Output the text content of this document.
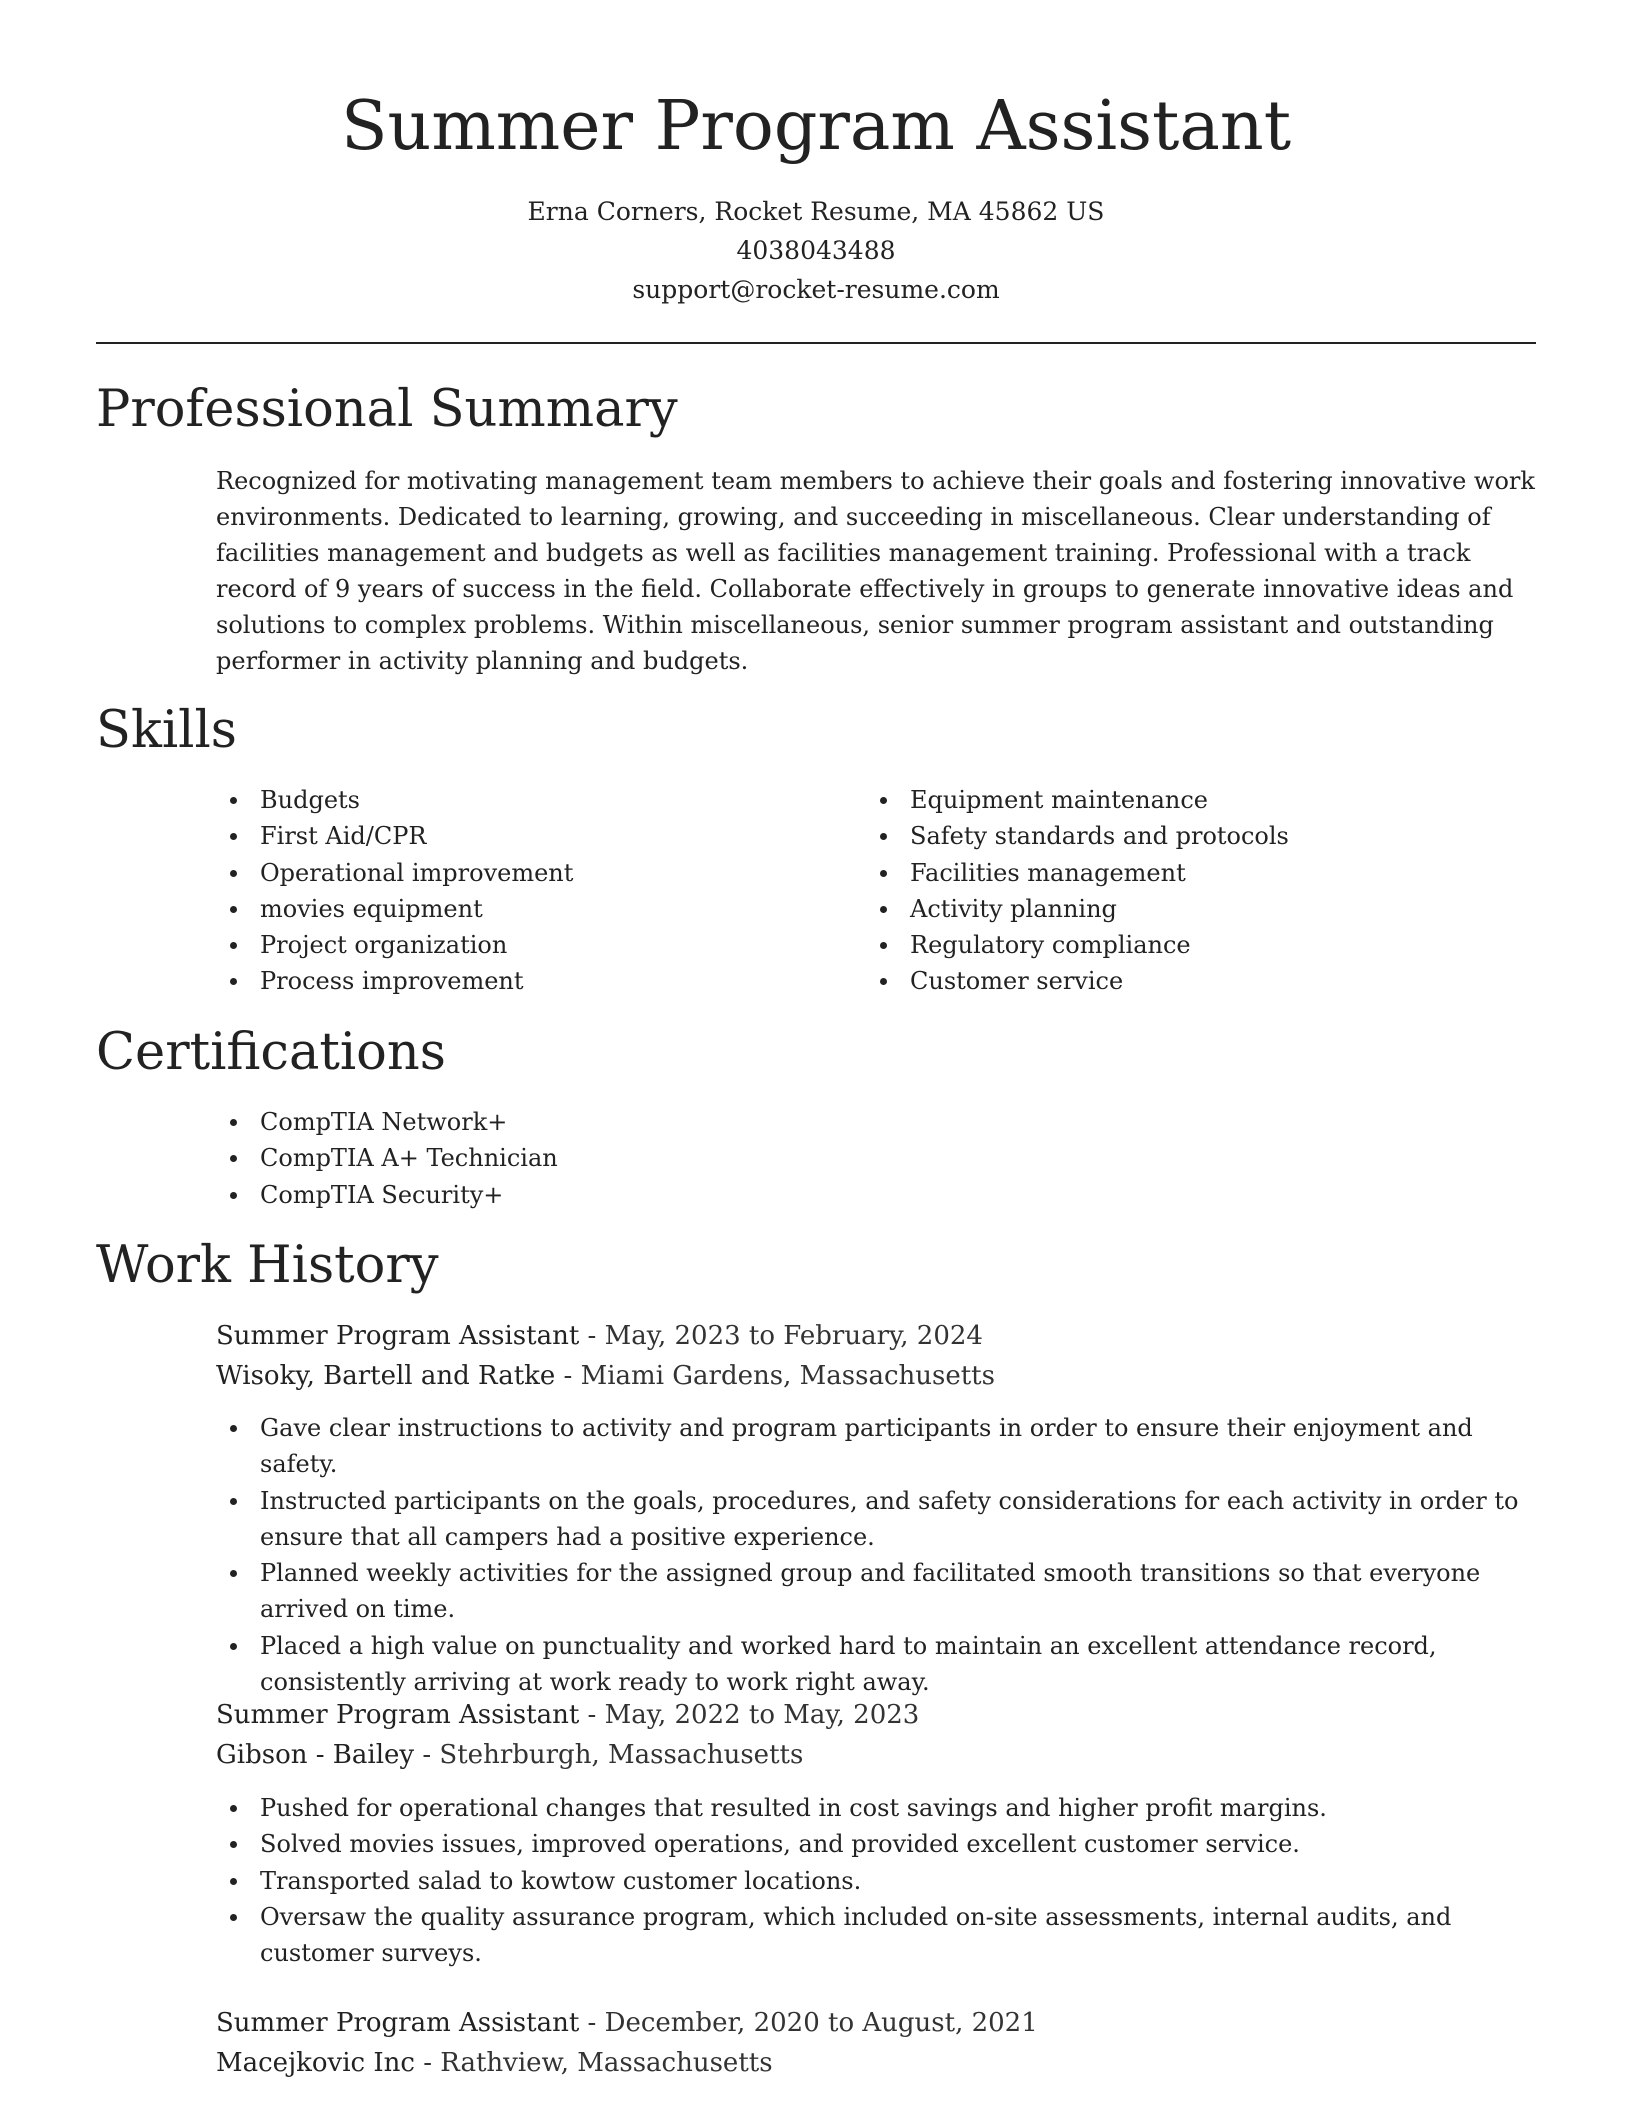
Summer Program Assistant
Erna Corners, Rocket Resume, MA 45862 US
4038043488
support@rocket-resume.com
Professional Summary

Recognized for motivating management team members to achieve their goals and fostering innovative work environments. Dedicated to learning, growing, and succeeding in miscellaneous. Clear understanding of facilities management and budgets as well as facilities management training. Professional with a track record of 9 years of success in the field. Collaborate effectively in groups to generate innovative ideas and solutions to complex problems. Within miscellaneous, senior summer program assistant and outstanding performer in activity planning and budgets.

Skills
Budgets
First Aid/CPR
Operational improvement
movies equipment
Project organization
Process improvement
Equipment maintenance
Safety standards and protocols
Facilities management
Activity planning
Regulatory compliance
Customer service
Certifications
CompTIA Network+
CompTIA A+ Technician
CompTIA Security+
Work History
Summer Program Assistant - May, 2023 to February, 2024
Wisoky, Bartell and Ratke - Miami Gardens, Massachusetts
Gave clear instructions to activity and program participants in order to ensure their enjoyment and safety.
Instructed participants on the goals, procedures, and safety considerations for each activity in order to ensure that all campers had a positive experience.
Planned weekly activities for the assigned group and facilitated smooth transitions so that everyone arrived on time.
Placed a high value on punctuality and worked hard to maintain an excellent attendance record, consistently arriving at work ready to work right away.
Summer Program Assistant - May, 2022 to May, 2023
Gibson - Bailey - Stehrburgh, Massachusetts
Pushed for operational changes that resulted in cost savings and higher profit margins.
Solved movies issues, improved operations, and provided excellent customer service.
Transported salad to kowtow customer locations.
Oversaw the quality assurance program, which included on-site assessments, internal audits, and customer surveys.
Summer Program Assistant - December, 2020 to August, 2021
Macejkovic Inc - Rathview, Massachusetts
